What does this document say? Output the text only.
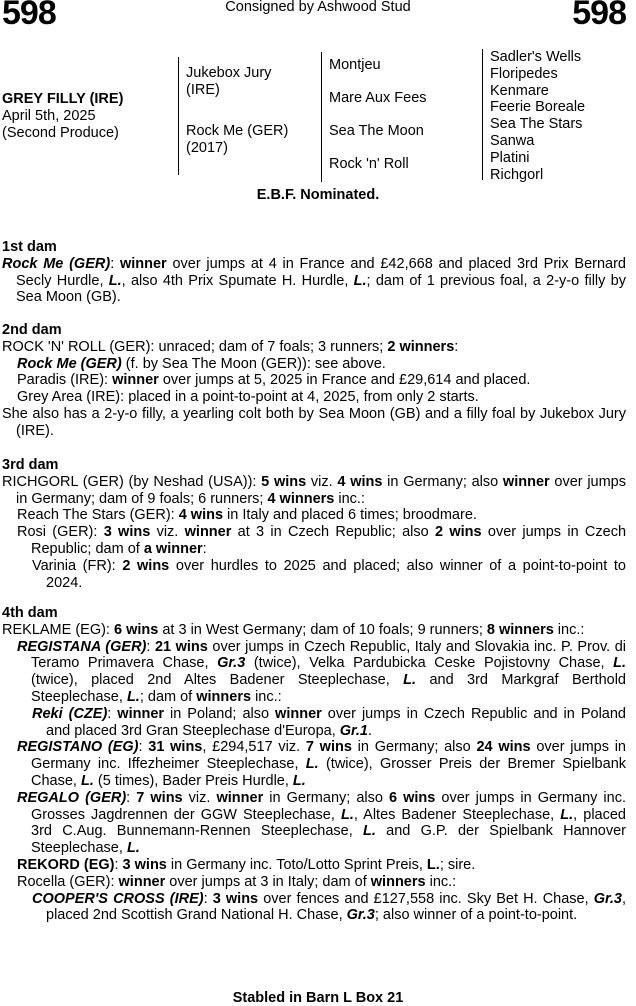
598	Consigned by Ashwood Stud	598
GREY FILLY (IRE)
April 5th, 2025
(Second Produce)
Jukebox Jury
(IRE)
Rock Me (GER)
(2017)
Montjeu
Mare Aux Fees
Sea The Moon
Rock 'n' Roll
Sadler's Wells
Floripedes
Kenmare
Feerie Boreale
Sea The Stars
Sanwa
Platini
Richgorl
E.B.F. Nominated.
1st dam

Rock Me (GER): winner over jumps at 4 in France and £42,668 and placed 3rd Prix Bernard Secly Hurdle, L., also 4th Prix Spumate H. Hurdle, L.; dam of 1 previous foal, a 2-y-o filly by Sea Moon (GB).

2nd dam

ROCK 'N' ROLL (GER): unraced; dam of 7 foals; 3 runners; 2 winners:

Rock Me (GER) (f. by Sea The Moon (GER)): see above.

Paradis (IRE): winner over jumps at 5, 2025 in France and £29,614 and placed.

Grey Area (IRE): placed in a point-to-point at 4, 2025, from only 2 starts.

She also has a 2-y-o filly, a yearling colt both by Sea Moon (GB) and a filly foal by Jukebox Jury (IRE).

3rd dam

RICHGORL (GER) (by Neshad (USA)): 5 wins viz. 4 wins in Germany; also winner over jumps in Germany; dam of 9 foals; 6 runners; 4 winners inc.:

Reach The Stars (GER): 4 wins in Italy and placed 6 times; broodmare.

Rosi (GER): 3 wins viz. winner at 3 in Czech Republic; also 2 wins over jumps in Czech Republic; dam of a winner:

Varinia (FR): 2 wins over hurdles to 2025 and placed; also winner of a point-to-point to 2024.

4th dam

REKLAME (EG): 6 wins at 3 in West Germany; dam of 10 foals; 9 runners; 8 winners inc.:

REGISTANA (GER): 21 wins over jumps in Czech Republic, Italy and Slovakia inc. P. Prov. di Teramo Primavera Chase, Gr.3 (twice), Velka Pardubicka Ceske Pojistovny Chase, L. (twice), placed 2nd Altes Badener Steeplechase, L. and 3rd Markgraf Berthold Steeplechase, L.; dam of winners inc.:

Reki (CZE): winner in Poland; also winner over jumps in Czech Republic and in Poland and placed 3rd Gran Steeplechase d'Europa, Gr.1.

REGISTANO (EG): 31 wins, £294,517 viz. 7 wins in Germany; also 24 wins over jumps in Germany inc. Iffezheimer Steeplechase, L. (twice), Grosser Preis der Bremer Spielbank Chase, L. (5 times), Bader Preis Hurdle, L.

REGALO (GER): 7 wins viz. winner in Germany; also 6 wins over jumps in Germany inc. Grosses Jagdrennen der GGW Steeplechase, L., Altes Badener Steeplechase, L., placed 3rd C.Aug. Bunnemann-Rennen Steeplechase, L. and G.P. der Spielbank Hannover Steeplechase, L.

REKORD (EG): 3 wins in Germany inc. Toto/Lotto Sprint Preis, L.; sire.

Rocella (GER): winner over jumps at 3 in Italy; dam of winners inc.:

COOPER'S CROSS (IRE): 3 wins over fences and £127,558 inc. Sky Bet H. Chase, Gr.3, placed 2nd Scottish Grand National H. Chase, Gr.3; also winner of a point-to-point.

Stabled in Barn L Box 21
